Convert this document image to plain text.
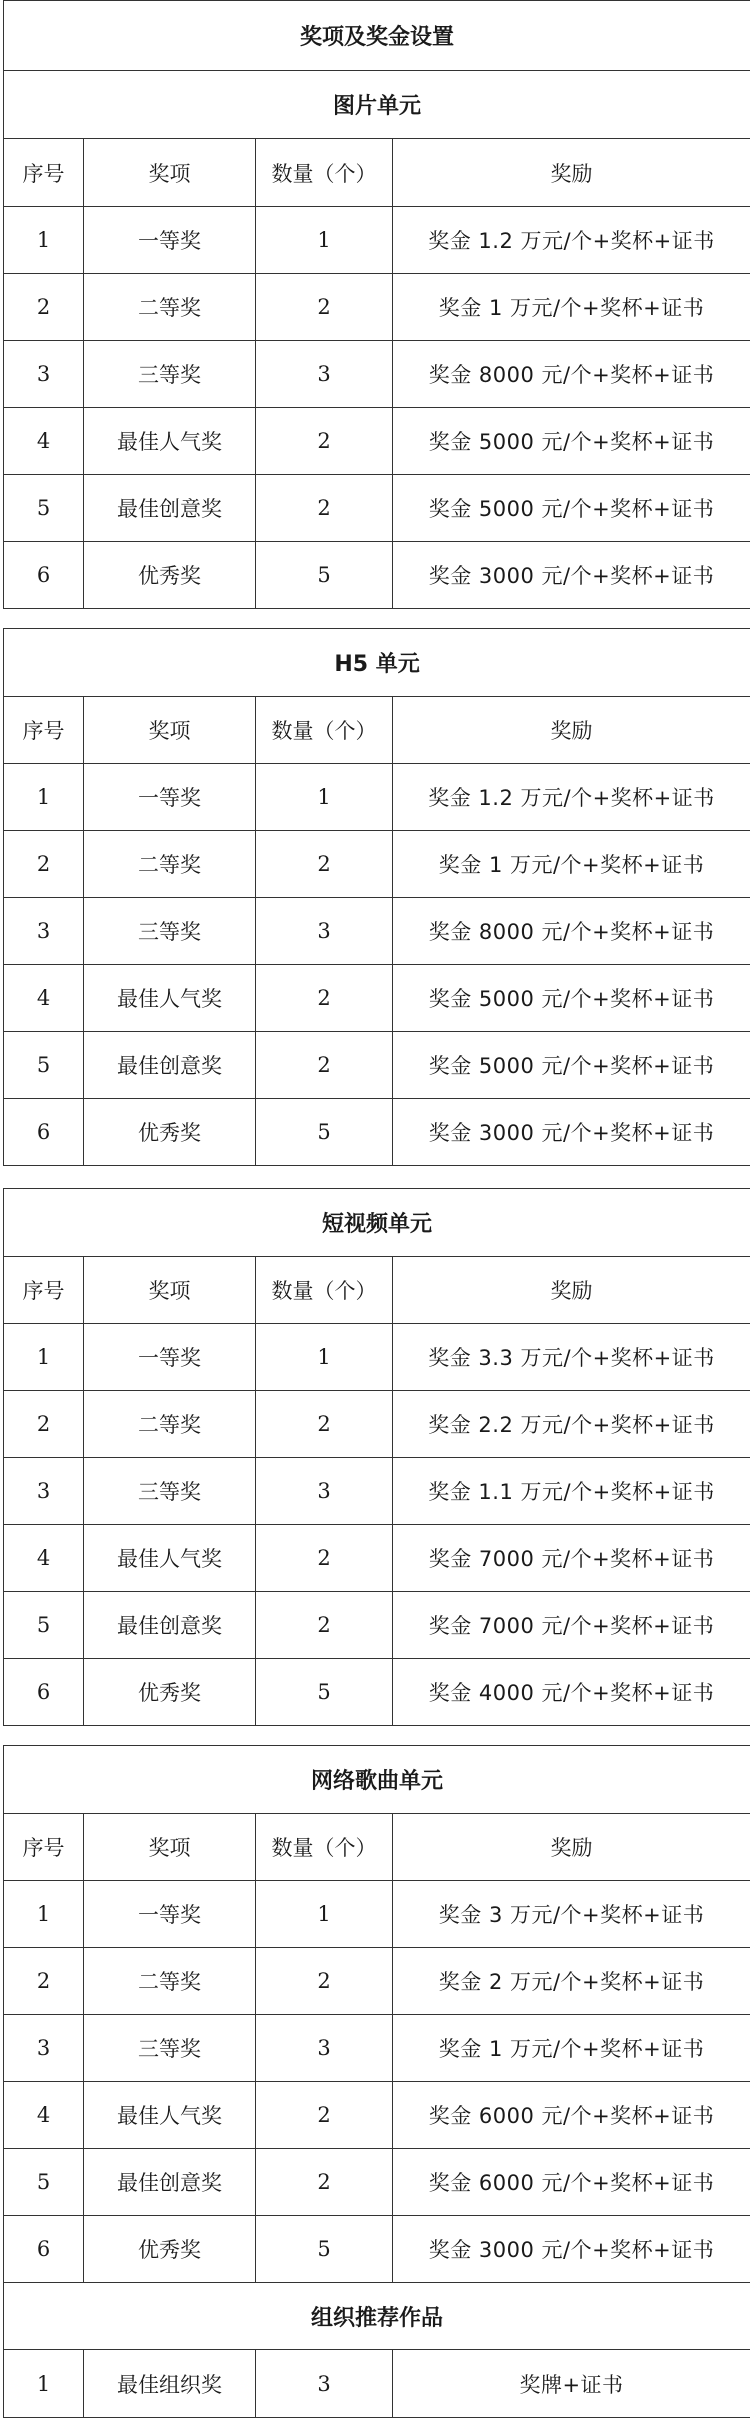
奖项及奖金设置			
图片单元			
序号	奖项	数量（个）	奖励
1	一等奖	1	奖金 1.2 万元/个+奖杯+证书
2	二等奖	2	奖金 1 万元/个+奖杯+证书
3	三等奖	3	奖金 8000 元/个+奖杯+证书
4	最佳人气奖	2	奖金 5000 元/个+奖杯+证书
5	最佳创意奖	2	奖金 5000 元/个+奖杯+证书
6	优秀奖	5	奖金 3000 元/个+奖杯+证书
H5 单元			
序号	奖项	数量（个）	奖励
1	一等奖	1	奖金 1.2 万元/个+奖杯+证书
2	二等奖	2	奖金 1 万元/个+奖杯+证书
3	三等奖	3	奖金 8000 元/个+奖杯+证书
4	最佳人气奖	2	奖金 5000 元/个+奖杯+证书
5	最佳创意奖	2	奖金 5000 元/个+奖杯+证书
6	优秀奖	5	奖金 3000 元/个+奖杯+证书
短视频单元			
序号	奖项	数量（个）	奖励
1	一等奖	1	奖金 3.3 万元/个+奖杯+证书
2	二等奖	2	奖金 2.2 万元/个+奖杯+证书
3	三等奖	3	奖金 1.1 万元/个+奖杯+证书
4	最佳人气奖	2	奖金 7000 元/个+奖杯+证书
5	最佳创意奖	2	奖金 7000 元/个+奖杯+证书
6	优秀奖	5	奖金 4000 元/个+奖杯+证书
网络歌曲单元			
序号	奖项	数量（个）	奖励
1	一等奖	1	奖金 3 万元/个+奖杯+证书
2	二等奖	2	奖金 2 万元/个+奖杯+证书
3	三等奖	3	奖金 1 万元/个+奖杯+证书
4	最佳人气奖	2	奖金 6000 元/个+奖杯+证书
5	最佳创意奖	2	奖金 6000 元/个+奖杯+证书
6	优秀奖	5	奖金 3000 元/个+奖杯+证书
组织推荐作品			
1	最佳组织奖	3	奖牌+证书
